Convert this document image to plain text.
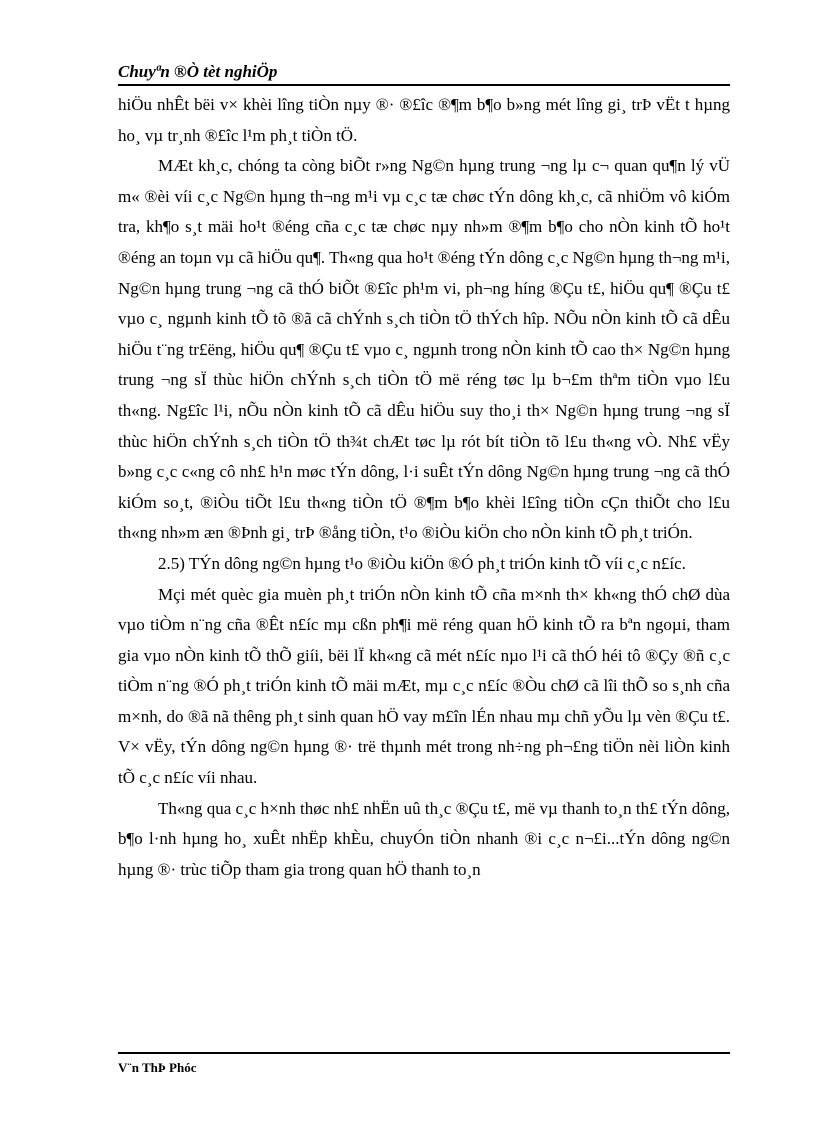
Chuyªn ®Ò tèt nghiÖp

hiÖu nhÊt bëi v× khèi lîng tiÒn nµy ®· ®£îc ®¶m b¶o b»ng mét lîng gi¸ trÞ vËt t hµng ho¸ vµ tr¸nh ®£îc l¹m ph¸t tiÒn tÖ.

MÆt kh¸c, chóng ta còng biÕt r»ng Ng©n hµng trung ¬ng lµ c¬ quan qu¶n lý vÜ m« ®èi víi c¸c Ng©n hµng th¬ng m¹i vµ c¸c tæ chøc tÝn dông kh¸c, cã nhiÖm vô kiÓm tra, kh¶o s¸t mäi ho¹t ®éng cña c¸c tæ chøc nµy nh»m ®¶m b¶o cho nÒn kinh tÕ ho¹t ®éng an toµn vµ cã hiÖu qu¶. Th«ng qua ho¹t ®éng tÝn dông c¸c Ng©n hµng th¬ng m¹i, Ng©n hµng trung ¬ng cã thÓ biÕt ®£îc ph¹m vi, ph¬ng híng ®Çu t£, hiÖu qu¶ ®Çu t£ vµo c¸ ngµnh kinh tÕ tõ ®ã cã chÝnh s¸ch tiÒn tÖ thÝch hîp. NÕu nÒn kinh tÕ cã dÊu hiÖu t¨ng tr£ëng, hiÖu qu¶ ®Çu t£ vµo c¸ ngµnh trong nÒn kinh tÕ cao th× Ng©n hµng trung ¬ng sÏ thùc hiÖn chÝnh s¸ch tiÒn tÖ më réng tøc lµ b¬£m thªm tiÒn vµo l£u th«ng. Ng£îc l¹i, nÕu nÒn kinh tÕ cã dÊu hiÖu suy tho¸i th× Ng©n hµng trung ¬ng sÏ thùc hiÖn chÝnh s¸ch tiÒn tÖ th¾t chÆt tøc lµ rót bít tiÒn tõ l£u th«ng vÒ. Nh£ vËy b»ng c¸c c«ng cô nh£ h¹n møc tÝn dông, l·i suÊt tÝn dông Ng©n hµng trung ¬ng cã thÓ kiÓm so¸t, ®iÒu tiÕt l£u th«ng tiÒn tÖ ®¶m b¶o khèi l£îng tiÒn cÇn thiÕt cho l£u th«ng nh»m æn ®Þnh gi¸ trÞ ®ång tiÒn, t¹o ®iÒu kiÖn cho nÒn kinh tÕ ph¸t triÓn.

2.5) TÝn dông ng©n hµng t¹o ®iÒu kiÖn ®Ó ph¸t triÓn kinh tÕ víi c¸c n£íc.

Mçi mét quèc gia muèn ph¸t triÓn nÒn kinh tÕ cña m×nh th× kh«ng thÓ chØ dùa vµo tiÒm n¨ng cña ®Êt n£íc mµ cßn ph¶i më réng quan hÖ kinh tÕ ra bªn ngoµi, tham gia vµo nÒn kinh tÕ thÕ giíi, bëi lÏ kh«ng cã mét n£íc nµo l¹i cã thÓ héi tô ®Çy ®ñ c¸c tiÒm n¨ng ®Ó ph¸t triÓn kinh tÕ mäi mÆt, mµ c¸c n£íc ®Òu chØ cã lîi thÕ so s¸nh cña m×nh, do ®ã nã thêng ph¸t sinh quan hÖ vay m£în lÉn nhau mµ chñ yÕu lµ vèn ®Çu t£. V× vËy, tÝn dông ng©n hµng ®· trë thµnh mét trong nh÷ng ph¬£ng tiÖn nèi liÒn kinh tÕ c¸c n£íc víi nhau.

Th«ng qua c¸c h×nh thøc nh£ nhËn uû th¸c ®Çu t£, më vµ thanh to¸n th£ tÝn dông, b¶o l·nh hµng ho¸ xuÊt nhËp khÈu, chuyÓn tiÒn nhanh ®i c¸c n¬£i...tÝn dông ng©n hµng ®· trùc tiÕp tham gia trong quan hÖ thanh to¸n

V¨n ThÞ Phóc
